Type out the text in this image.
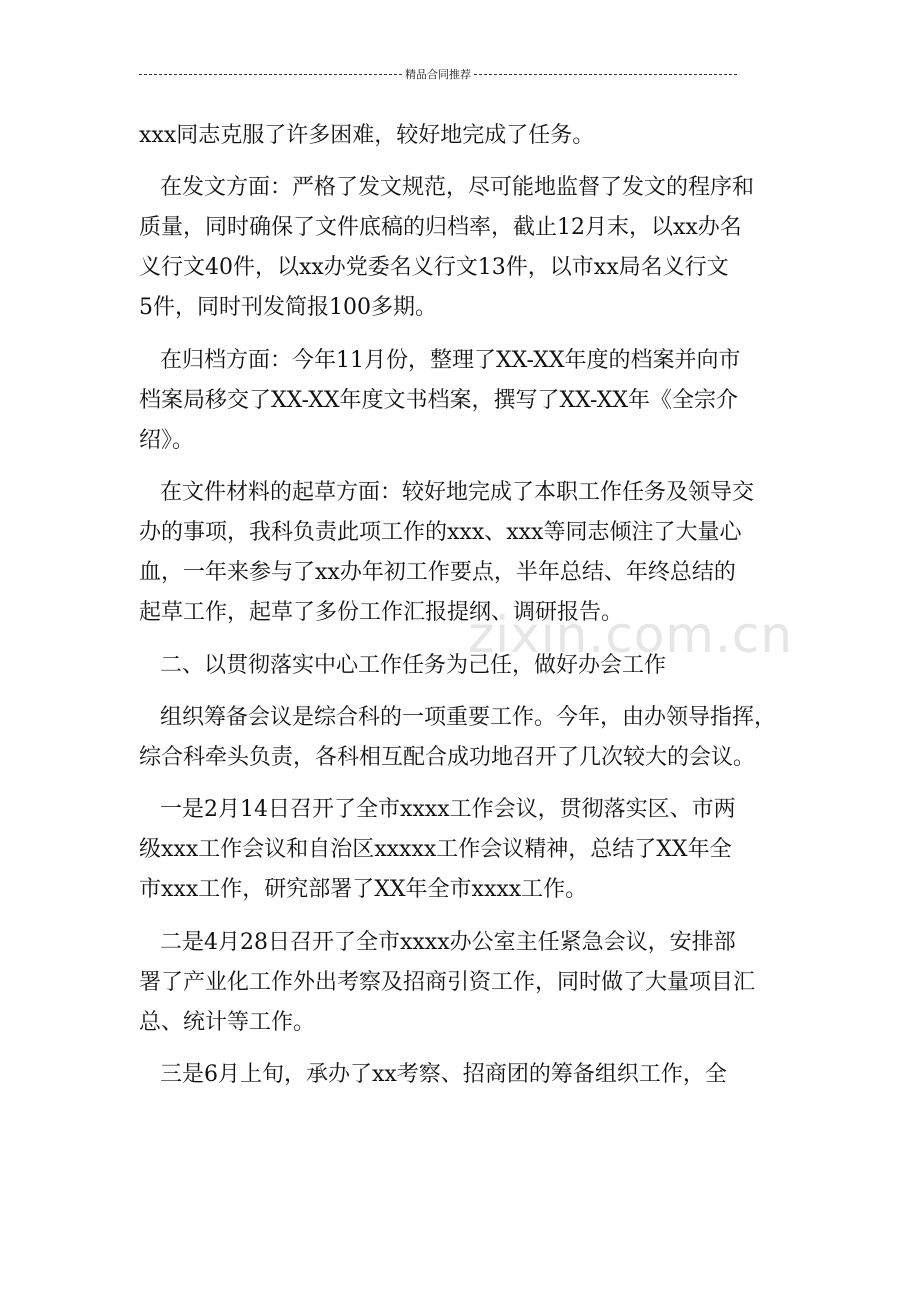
精品合同推荐
zixin.com.cn
xxx同志克服了许多困难，较好地完成了任务。
在发文方面：严格了发文规范，尽可能地监督了发文的程序和
质量，同时确保了文件底稿的归档率，截止12月末，以xx办名
义行文40件，以xx办党委名义行文13件，以市xx局名义行文
5件，同时刊发简报100多期。
在归档方面：今年11月份，整理了XX-XX年度的档案并向市
档案局移交了XX-XX年度文书档案，撰写了XX-XX年《全宗介
绍》。
在文件材料的起草方面：较好地完成了本职工作任务及领导交
办的事项，我科负责此项工作的xxx、xxx等同志倾注了大量心
血，一年来参与了xx办年初工作要点，半年总结、年终总结的
起草工作，起草了多份工作汇报提纲、调研报告。
二、以贯彻落实中心工作任务为己任，做好办会工作
组织筹备会议是综合科的一项重要工作。今年，由办领导指挥，
综合科牵头负责，各科相互配合成功地召开了几次较大的会议。
一是2月14日召开了全市xxxx工作会议，贯彻落实区、市两
级xxx工作会议和自治区xxxxx工作会议精神，总结了XX年全
市xxx工作，研究部署了XX年全市xxxx工作。
二是4月28日召开了全市xxxx办公室主任紧急会议，安排部
署了产业化工作外出考察及招商引资工作，同时做了大量项目汇
总、统计等工作。
三是6月上旬，承办了xx考察、招商团的筹备组织工作，全
